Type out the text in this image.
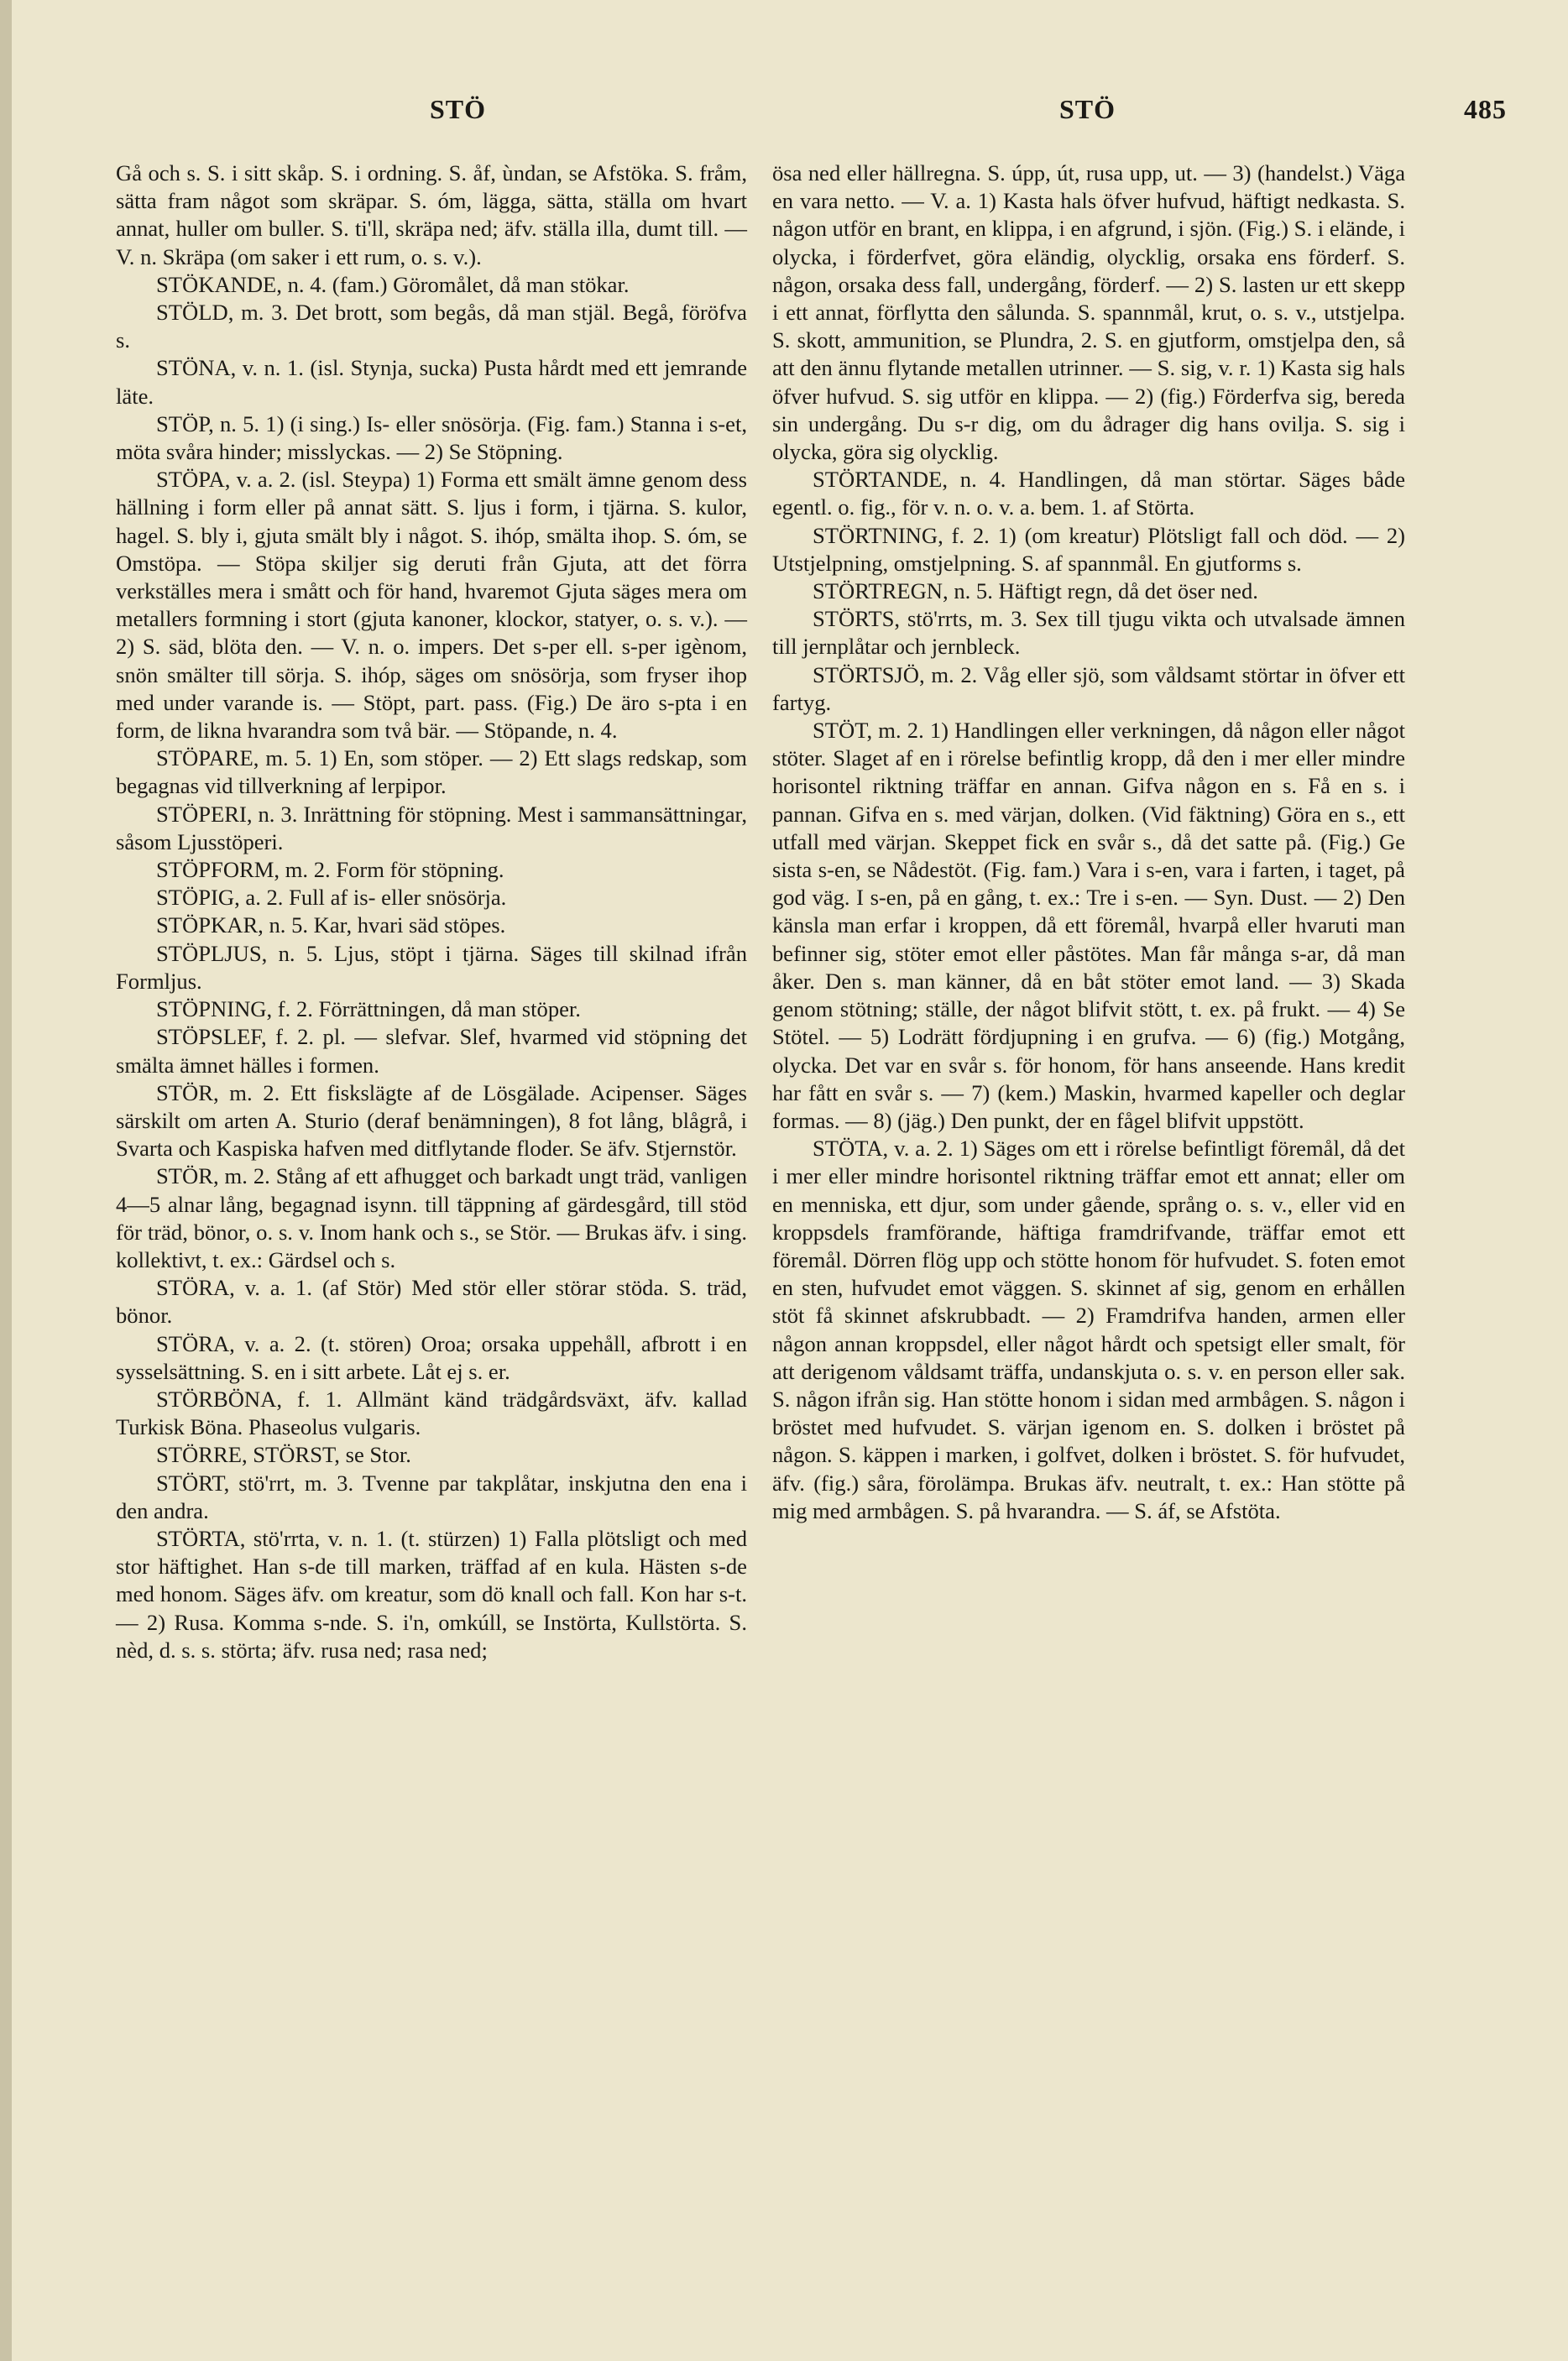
STÖ	STÖ	485

Gå och s. S. i sitt skåp. S. i ordning. S. åf, ùndan, se Afstöka. S. fråm, sätta fram något som skräpar. S. óm, lägga, sätta, ställa om hvart annat, huller om buller. S. ti'll, skräpa ned; äfv. ställa illa, dumt till. — V. n. Skräpa (om saker i ett rum, o. s. v.).

STÖKANDE, n. 4. (fam.) Göromålet, då man stökar.

STÖLD, m. 3. Det brott, som begås, då man stjäl. Begå, föröfva s.

STÖNA, v. n. 1. (isl. Stynja, sucka) Pusta hårdt med ett jemrande läte.

STÖP, n. 5. 1) (i sing.) Is- eller snösörja. (Fig. fam.) Stanna i s-et, möta svåra hinder; misslyckas. — 2) Se Stöpning.

STÖPA, v. a. 2. (isl. Steypa) 1) Forma ett smält ämne genom dess hällning i form eller på annat sätt. S. ljus i form, i tjärna. S. kulor, hagel. S. bly i, gjuta smält bly i något. S. ihóp, smälta ihop. S. óm, se Omstöpa. — Stöpa skiljer sig deruti från Gjuta, att det förra verkställes mera i smått och för hand, hvaremot Gjuta säges mera om metallers formning i stort (gjuta kanoner, klockor, statyer, o. s. v.). — 2) S. säd, blöta den. — V. n. o. impers. Det s-per ell. s-per igènom, snön smälter till sörja. S. ihóp, säges om snösörja, som fryser ihop med under varande is. — Stöpt, part. pass. (Fig.) De äro s-pta i en form, de likna hvarandra som två bär. — Stöpande, n. 4.

STÖPARE, m. 5. 1) En, som stöper. — 2) Ett slags redskap, som begagnas vid tillverkning af lerpipor.

STÖPERI, n. 3. Inrättning för stöpning. Mest i sammansättningar, såsom Ljusstöperi.

STÖPFORM, m. 2. Form för stöpning.

STÖPIG, a. 2. Full af is- eller snösörja.

STÖPKAR, n. 5. Kar, hvari säd stöpes.

STÖPLJUS, n. 5. Ljus, stöpt i tjärna. Säges till skilnad ifrån Formljus.

STÖPNING, f. 2. Förrättningen, då man stöper.

STÖPSLEF, f. 2. pl. — slefvar. Slef, hvarmed vid stöpning det smälta ämnet hälles i formen.

STÖR, m. 2. Ett fiskslägte af de Lösgälade. Acipenser. Säges särskilt om arten A. Sturio (deraf benämningen), 8 fot lång, blågrå, i Svarta och Kaspiska hafven med ditflytande floder. Se äfv. Stjernstör.

STÖR, m. 2. Stång af ett afhugget och barkadt ungt träd, vanligen 4—5 alnar lång, begagnad isynn. till täppning af gärdesgård, till stöd för träd, bönor, o. s. v. Inom hank och s., se Stör. — Brukas äfv. i sing. kollektivt, t. ex.: Gärdsel och s.

STÖRA, v. a. 1. (af Stör) Med stör eller störar stöda. S. träd, bönor.

STÖRA, v. a. 2. (t. stören) Oroa; orsaka uppehåll, afbrott i en sysselsättning. S. en i sitt arbete. Låt ej s. er.

STÖRBÖNA, f. 1. Allmänt känd trädgårdsväxt, äfv. kallad Turkisk Böna. Phaseolus vulgaris.

STÖRRE, STÖRST, se Stor.

STÖRT, stö'rrt, m. 3. Tvenne par takplåtar, inskjutna den ena i den andra.

STÖRTA, stö'rrta, v. n. 1. (t. stürzen) 1) Falla plötsligt och med stor häftighet. Han s-de till marken, träffad af en kula. Hästen s-de med honom. Säges äfv. om kreatur, som dö knall och fall. Kon har s-t. — 2) Rusa. Komma s-nde. S. i'n, omkúll, se Instörta, Kullstörta. S. nèd, d. s. s. störta; äfv. rusa ned; rasa ned;

ösa ned eller hällregna. S. úpp, út, rusa upp, ut. — 3) (handelst.) Väga en vara netto. — V. a. 1) Kasta hals öfver hufvud, häftigt nedkasta. S. någon utför en brant, en klippa, i en afgrund, i sjön. (Fig.) S. i elände, i olycka, i förderfvet, göra eländig, olycklig, orsaka ens förderf. S. någon, orsaka dess fall, undergång, förderf. — 2) S. lasten ur ett skepp i ett annat, förflytta den sålunda. S. spannmål, krut, o. s. v., utstjelpa. S. skott, ammunition, se Plundra, 2. S. en gjutform, omstjelpa den, så att den ännu flytande metallen utrinner. — S. sig, v. r. 1) Kasta sig hals öfver hufvud. S. sig utför en klippa. — 2) (fig.) Förderfva sig, bereda sin undergång. Du s-r dig, om du ådrager dig hans ovilja. S. sig i olycka, göra sig olycklig.

STÖRTANDE, n. 4. Handlingen, då man störtar. Säges både egentl. o. fig., för v. n. o. v. a. bem. 1. af Störta.

STÖRTNING, f. 2. 1) (om kreatur) Plötsligt fall och död. — 2) Utstjelpning, omstjelpning. S. af spannmål. En gjutforms s.

STÖRTREGN, n. 5. Häftigt regn, då det öser ned.

STÖRTS, stö'rrts, m. 3. Sex till tjugu vikta och utvalsade ämnen till jernplåtar och jernbleck.

STÖRTSJÖ, m. 2. Våg eller sjö, som våldsamt störtar in öfver ett fartyg.

STÖT, m. 2. 1) Handlingen eller verkningen, då någon eller något stöter. Slaget af en i rörelse befintlig kropp, då den i mer eller mindre horisontel riktning träffar en annan. Gifva någon en s. Få en s. i pannan. Gifva en s. med värjan, dolken. (Vid fäktning) Göra en s., ett utfall med värjan. Skeppet fick en svår s., då det satte på. (Fig.) Ge sista s-en, se Nådestöt. (Fig. fam.) Vara i s-en, vara i farten, i taget, på god väg. I s-en, på en gång, t. ex.: Tre i s-en. — Syn. Dust. — 2) Den känsla man erfar i kroppen, då ett föremål, hvarpå eller hvaruti man befinner sig, stöter emot eller påstötes. Man får många s-ar, då man åker. Den s. man känner, då en båt stöter emot land. — 3) Skada genom stötning; ställe, der något blifvit stött, t. ex. på frukt. — 4) Se Stötel. — 5) Lodrätt fördjupning i en grufva. — 6) (fig.) Motgång, olycka. Det var en svår s. för honom, för hans anseende. Hans kredit har fått en svår s. — 7) (kem.) Maskin, hvarmed kapeller och deglar formas. — 8) (jäg.) Den punkt, der en fågel blifvit uppstött.

STÖTA, v. a. 2. 1) Säges om ett i rörelse befintligt föremål, då det i mer eller mindre horisontel riktning träffar emot ett annat; eller om en menniska, ett djur, som under gående, språng o. s. v., eller vid en kroppsdels framförande, häftiga framdrifvande, träffar emot ett föremål. Dörren flög upp och stötte honom för hufvudet. S. foten emot en sten, hufvudet emot väggen. S. skinnet af sig, genom en erhållen stöt få skinnet afskrubbadt. — 2) Framdrifva handen, armen eller någon annan kroppsdel, eller något hårdt och spetsigt eller smalt, för att derigenom våldsamt träffa, undanskjuta o. s. v. en person eller sak. S. någon ifrån sig. Han stötte honom i sidan med armbågen. S. någon i bröstet med hufvudet. S. värjan igenom en. S. dolken i bröstet på någon. S. käppen i marken, i golfvet, dolken i bröstet. S. för hufvudet, äfv. (fig.) såra, förolämpa. Brukas äfv. neutralt, t. ex.: Han stötte på mig med armbågen. S. på hvarandra. — S. áf, se Afstöta.
